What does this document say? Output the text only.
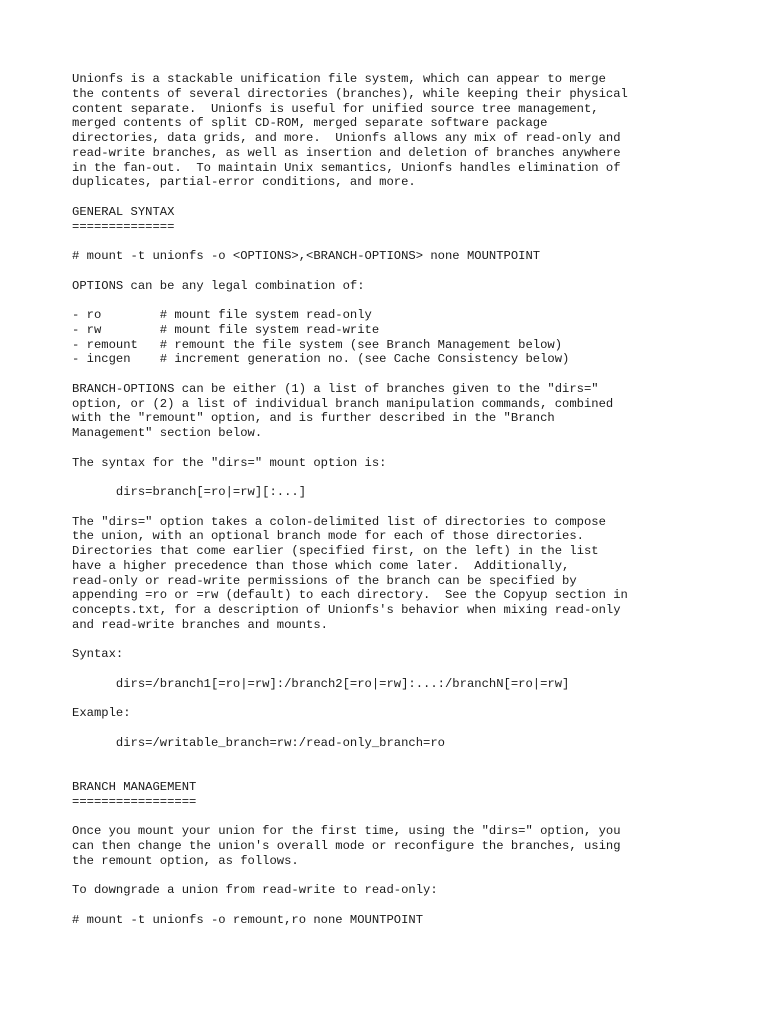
Unionfs is a stackable unification file system, which can appear to merge
the contents of several directories (branches), while keeping their physical
content separate.  Unionfs is useful for unified source tree management,
merged contents of split CD-ROM, merged separate software package
directories, data grids, and more.  Unionfs allows any mix of read-only and
read-write branches, as well as insertion and deletion of branches anywhere
in the fan-out.  To maintain Unix semantics, Unionfs handles elimination of
duplicates, partial-error conditions, and more.
GENERAL SYNTAX
==============
# mount -t unionfs -o <OPTIONS>,<BRANCH-OPTIONS> none MOUNTPOINT
OPTIONS can be any legal combination of:
- ro        # mount file system read-only
- rw        # mount file system read-write
- remount   # remount the file system (see Branch Management below)
- incgen    # increment generation no. (see Cache Consistency below)
BRANCH-OPTIONS can be either (1) a list of branches given to the "dirs="
option, or (2) a list of individual branch manipulation commands, combined
with the "remount" option, and is further described in the "Branch
Management" section below.
The syntax for the "dirs=" mount option is:
dirs=branch[=ro|=rw][:...]
The "dirs=" option takes a colon-delimited list of directories to compose
the union, with an optional branch mode for each of those directories.
Directories that come earlier (specified first, on the left) in the list
have a higher precedence than those which come later.  Additionally,
read-only or read-write permissions of the branch can be specified by
appending =ro or =rw (default) to each directory.  See the Copyup section in
concepts.txt, for a description of Unionfs's behavior when mixing read-only
and read-write branches and mounts.
Syntax:
dirs=/branch1[=ro|=rw]:/branch2[=ro|=rw]:...:/branchN[=ro|=rw]
Example:
dirs=/writable_branch=rw:/read-only_branch=ro
BRANCH MANAGEMENT
=================
Once you mount your union for the first time, using the "dirs=" option, you
can then change the union's overall mode or reconfigure the branches, using
the remount option, as follows.
To downgrade a union from read-write to read-only:
# mount -t unionfs -o remount,ro none MOUNTPOINT
